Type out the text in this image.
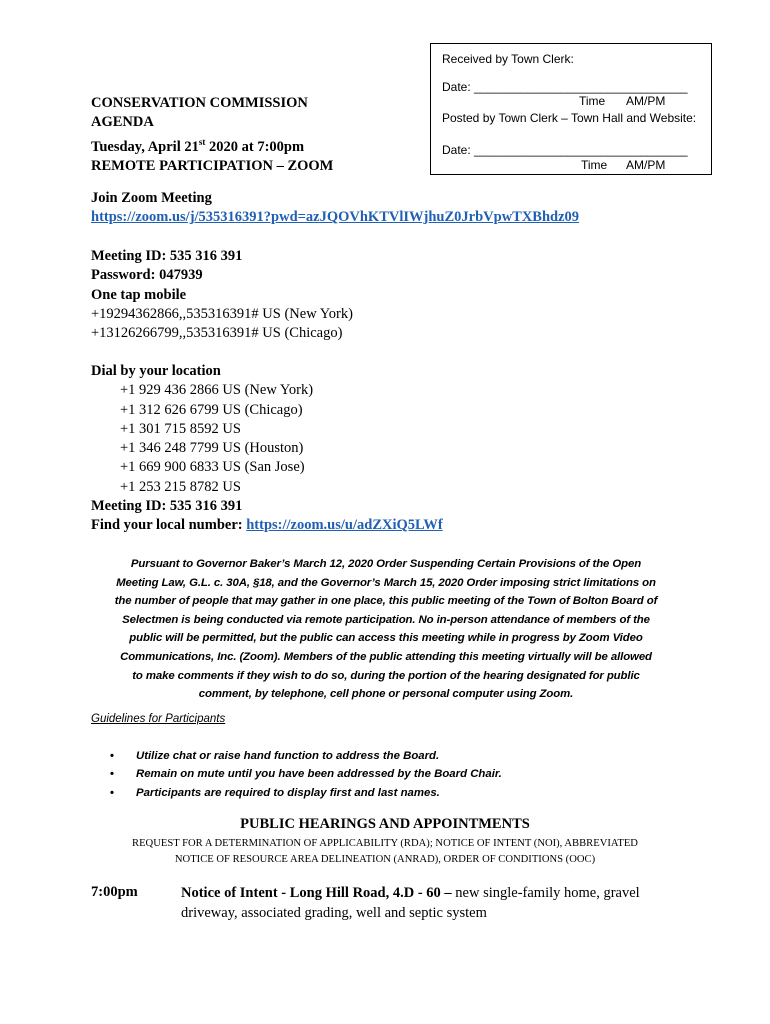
Received by Town Clerk:
Date: ________________________________
Time AM/PM
Posted by Town Clerk – Town Hall and Website:
Date: ________________________________
Time AM/PM
CONSERVATION COMMISSION
AGENDA
Tuesday, April 21st 2020 at 7:00pm
REMOTE PARTICIPATION – ZOOM
Join Zoom Meeting
https://zoom.us/j/535316391?pwd=azJQOVhKTVlIWjhuZ0JrbVpwTXBhdz09
Meeting ID: 535 316 391
Password: 047939
One tap mobile
+19294362866,,535316391# US (New York)
+13126266799,,535316391# US (Chicago)
Dial by your location
+1 929 436 2866 US (New York)
+1 312 626 6799 US (Chicago)
+1 301 715 8592 US
+1 346 248 7799 US (Houston)
+1 669 900 6833 US (San Jose)
+1 253 215 8782 US
Meeting ID: 535 316 391
Find your local number: https://zoom.us/u/adZXiQ5LWf
Pursuant to Governor Baker’s March 12, 2020 Order Suspending Certain Provisions of the Open
Meeting Law, G.L. c. 30A, §18, and the Governor’s March 15, 2020 Order imposing strict limitations on
the number of people that may gather in one place, this public meeting of the Town of Bolton Board of
Selectmen is being conducted via remote participation. No in-person attendance of members of the
public will be permitted, but the public can access this meeting while in progress by Zoom Video
Communications, Inc. (Zoom). Members of the public attending this meeting virtually will be allowed
to make comments if they wish to do so, during the portion of the hearing designated for public
comment, by telephone, cell phone or personal computer using Zoom.
Guidelines for Participants
• Utilize chat or raise hand function to address the Board.
• Remain on mute until you have been addressed by the Board Chair.
• Participants are required to display first and last names.
PUBLIC HEARINGS AND APPOINTMENTS
REQUEST FOR A DETERMINATION OF APPLICABILITY (RDA); NOTICE OF INTENT (NOI), ABBREVIATED
NOTICE OF RESOURCE AREA DELINEATION (ANRAD), ORDER OF CONDITIONS (OOC)
7:00pm	Notice of Intent - Long Hill Road, 4.D - 60 – new single-family home, gravel driveway, associated grading, well and septic system
